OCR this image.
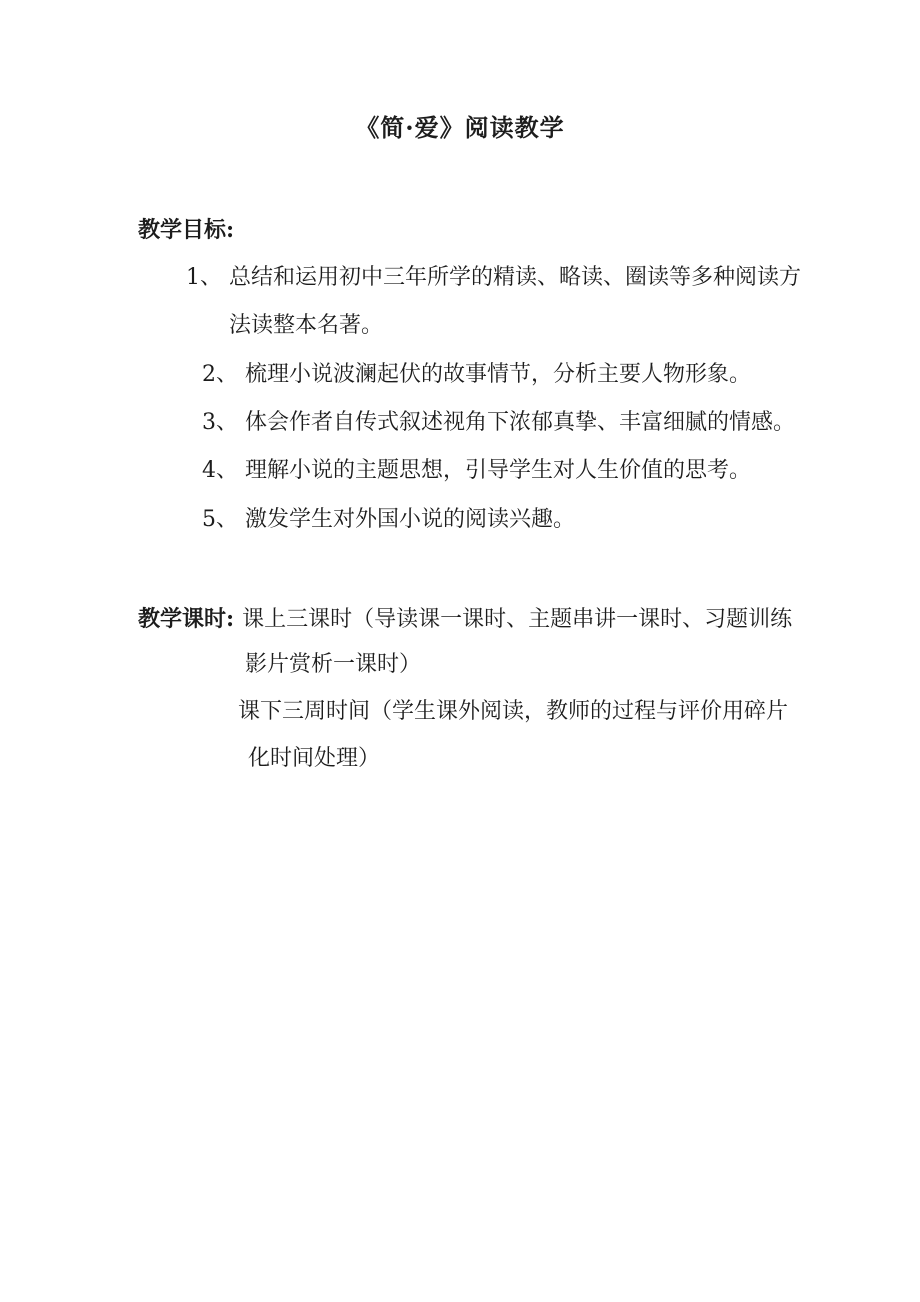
《简·爱》阅读教学
教学目标:
1、 总结和运用初中三年所学的精读、略读、圈读等多种阅读方
法读整本名著。
2、 梳理小说波澜起伏的故事情节，分析主要人物形象。
3、 体会作者自传式叙述视角下浓郁真挚、丰富细腻的情感。
4、 理解小说的主题思想，引导学生对人生价值的思考。
5、 激发学生对外国小说的阅读兴趣。
教学课时: 课上三课时（导读课一课时、主题串讲一课时、习题训练
影片赏析一课时）
课下三周时间（学生课外阅读，教师的过程与评价用碎片
化时间处理）
